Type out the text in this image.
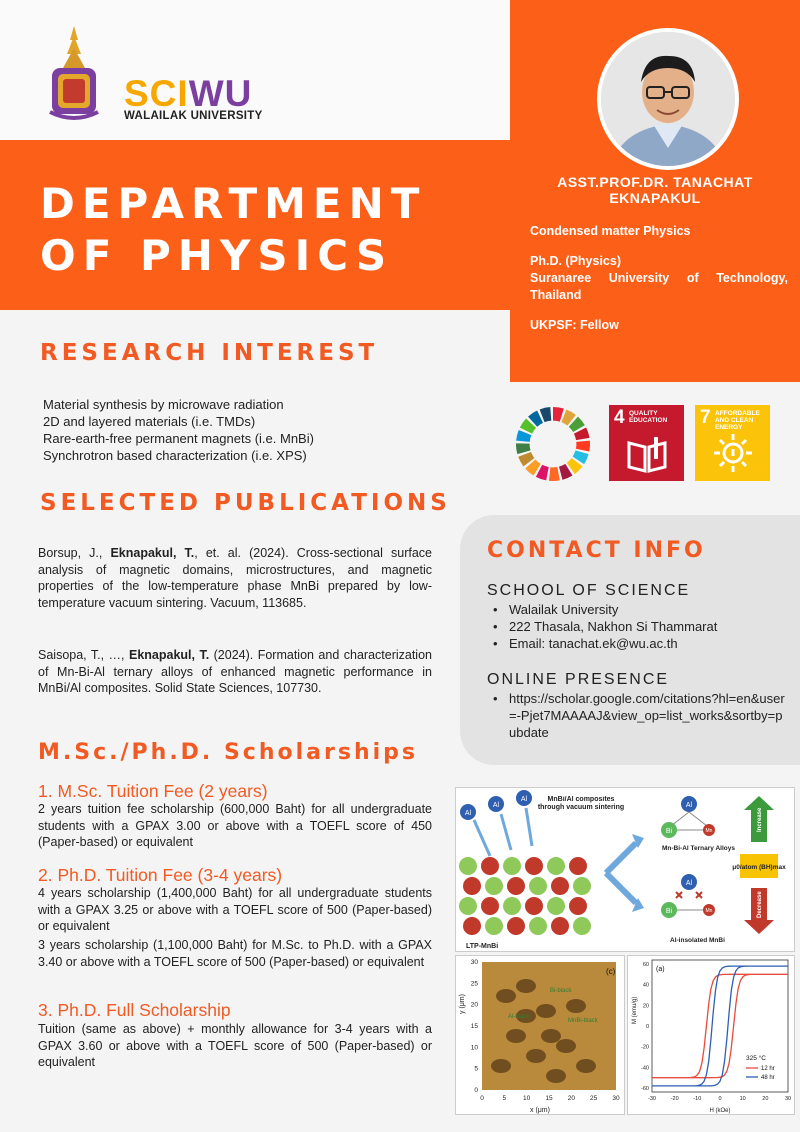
SCIWU
WALAILAK UNIVERSITY
DEPARTMENT
OF PHYSICS
ASST.PROF.DR. TANACHAT
EKNAPAKUL
Condensed matter Physics
Ph.D. (Physics)
Suranaree University of Technology, Thailand
UKPSF: Fellow
RESEARCH INTEREST
Material synthesis by microwave radiation
2D and layered materials (i.e. TMDs)
Rare-earth-free permanent magnets (i.e. MnBi)
Synchrotron based characterization (i.e. XPS)
4 QUALITY EDUCATION	7 AFFORDABLE AND CLEAN ENERGY
SELECTED PUBLICATIONS
Borsup, J., Eknapakul, T., et. al. (2024). Cross-sectional surface analysis of magnetic domains, microstructures, and magnetic properties of the low-temperature phase MnBi prepared by low-temperature vacuum sintering. Vacuum, 113685.
Saisopa, T., …, Eknapakul, T. (2024). Formation and characterization of Mn-Bi-Al ternary alloys of enhanced magnetic performance in MnBi/Al composites. Solid State Sciences, 107730.
CONTACT INFO
SCHOOL OF SCIENCE
• Walailak University
• 222 Thasala, Nakhon Si Thammarat
• Email: tanachat.ek@wu.ac.th
ONLINE PRESENCE
• https://scholar.google.com/citations?hl=en&user=-Pjet7MAAAAJ&view_op=list_works&sortby=pubdate
M.Sc./Ph.D. Scholarships
1. M.Sc. Tuition Fee (2 years)
2 years tuition fee scholarship (600,000 Baht) for all undergraduate students with a GPAX 3.00 or above with a TOEFL score of 450 (Paper-based) or equivalent
2. Ph.D. Tuition Fee (3-4 years)
4 years scholarship (1,400,000 Baht) for all undergraduate students with a GPAX 3.25 or above with a TOEFL score of 500 (Paper-based) or equivalent
3 years scholarship (1,100,000 Baht) for M.Sc. to Ph.D. with a GPAX 3.40 or above with a TOEFL score of 500 (Paper-based) or equivalent
3. Ph.D. Full Scholarship
Tuition (same as above) + monthly allowance for 3-4 years with a GPAX 3.60 or above with a TOEFL score of 500 (Paper-based) or equivalent
Al
Al
Al	MnBi/Al composites through vacuum sintering
LTP-MnBi
Al
Bi	Mn
Mn-Bi-Al Ternary Alloys
Al
Bi	Mn
Al-insolated MnBi
Increase
μ0/atom (BH)max
Decrease
y (μm)
(c)
Bi-black
Al-black
MnBi-black
0
0
5
5
10
10
15
15
20
20
25
25
30
30
x (μm)
M (emu/g)
-30	-20	-10	0	10	20	30
60
40
20
0
-20
-40
-60
(a)
325 °C
12 hr
48 hr
H (kOe)
